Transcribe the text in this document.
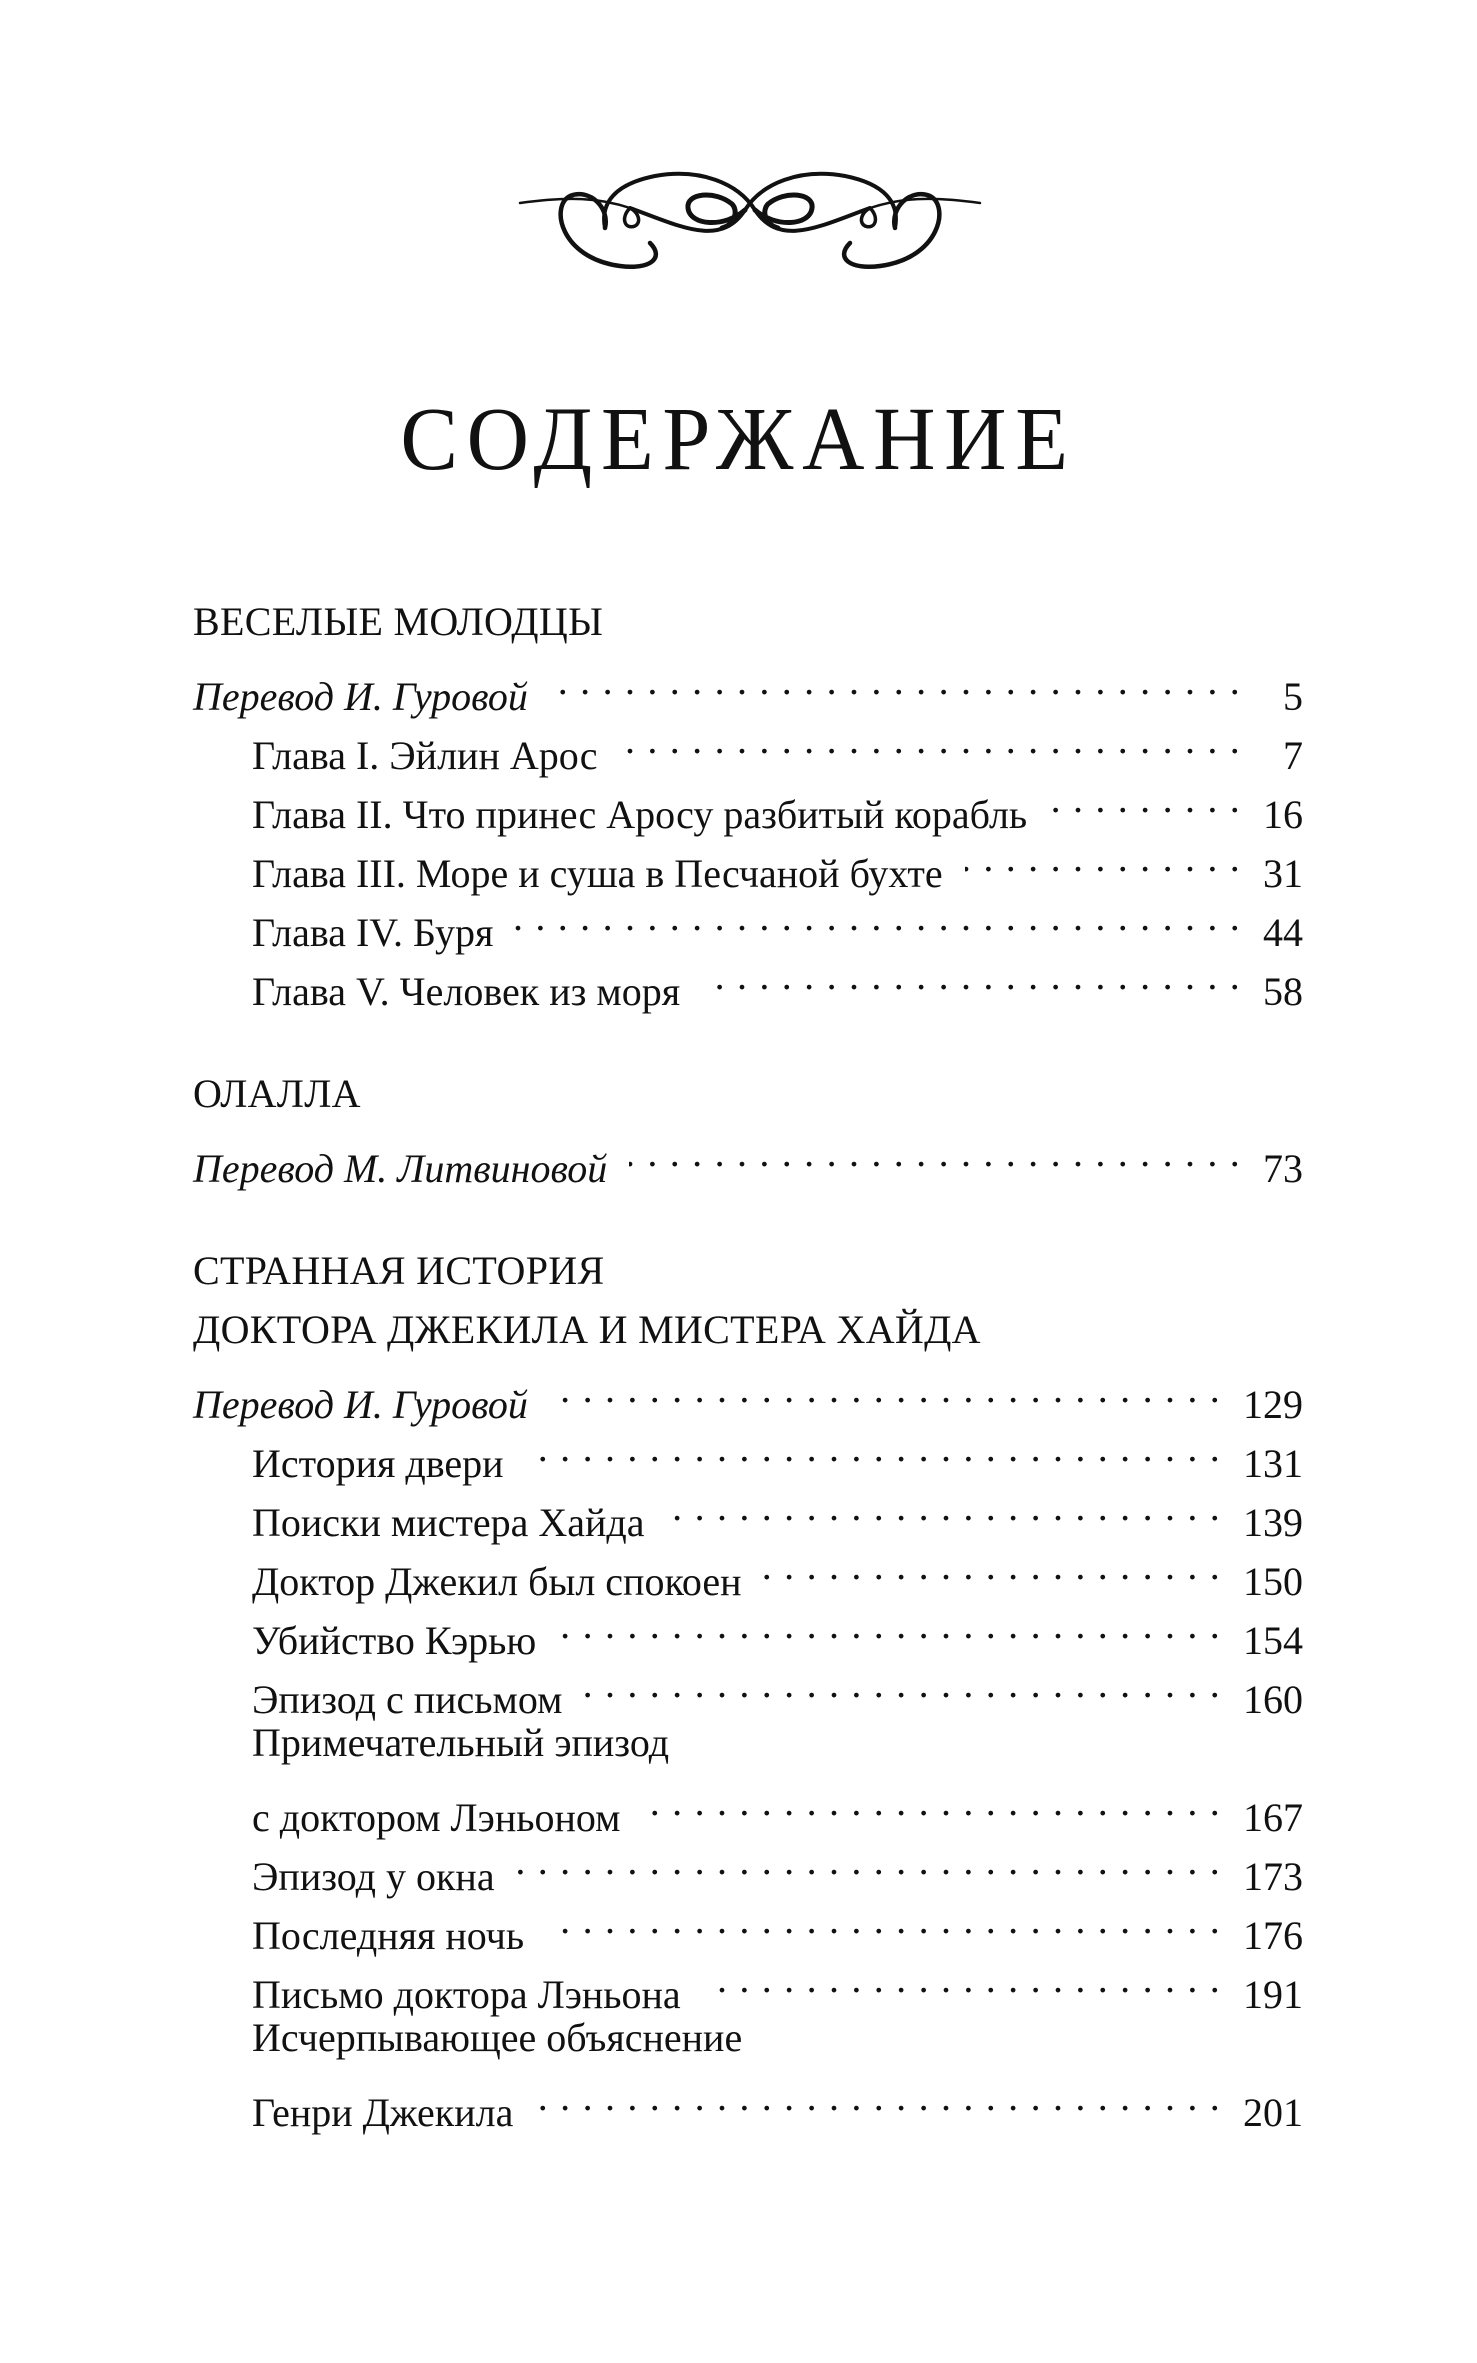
СОДЕРЖАНИЕ
ВЕСЕЛЫЕ МОЛОДЦЫ
Перевод И. Гуровой . . .	5
Глава I. Эйлин Арос . . .	7
Глава II. Что принес Аросу разбитый корабль . . .	16
Глава III. Море и суша в Песчаной бухте . . .	31
Глава IV. Буря . . .	44
Глава V. Человек из моря . . .	58
ОЛАЛЛА
Перевод М. Литвиновой . . .	73
СТРАННАЯ ИСТОРИЯ
ДОКТОРА ДЖЕКИЛА И МИСТЕРА ХАЙДА
Перевод И. Гуровой . . .	129
История двери . . .	131
Поиски мистера Хайда . . .	139
Доктор Джекил был спокоен . . .	150
Убийство Кэрью . . .	154
Эпизод с письмом . . .	160
Примечательный эпизод
с доктором Лэньоном . . .	167
Эпизод у окна . . .	173
Последняя ночь . . .	176
Письмо доктора Лэньона . . .	191
Исчерпывающее объяснение
Генри Джекила . . .	201
